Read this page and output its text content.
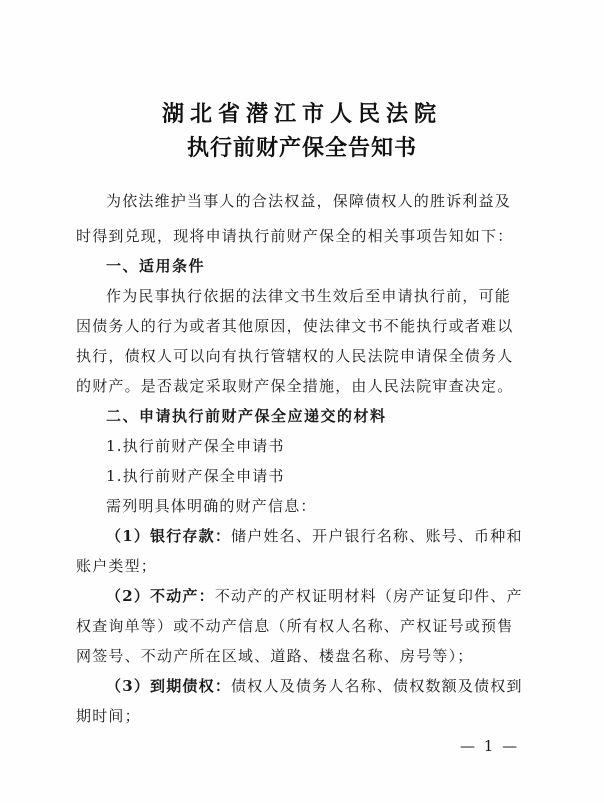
湖北省潜江市人民法院
执行前财产保全告知书
为依法维护当事人的合法权益，保障债权人的胜诉利益及
时得到兑现，现将申请执行前财产保全的相关事项告知如下：
一、适用条件
作为民事执行依据的法律文书生效后至申请执行前，可能
因债务人的行为或者其他原因，使法律文书不能执行或者难以
执行，债权人可以向有执行管辖权的人民法院申请保全债务人
的财产。是否裁定采取财产保全措施，由人民法院审查决定。
二、申请执行前财产保全应递交的材料
1.执行前财产保全申请书
1.执行前财产保全申请书
需列明具体明确的财产信息：
（1）银行存款：储户姓名、开户银行名称、账号、币种和
账户类型；
（2）不动产：不动产的产权证明材料（房产证复印件、产
权查询单等）或不动产信息（所有权人名称、产权证号或预售
网签号、不动产所在区域、道路、楼盘名称、房号等）；
（3）到期债权：债权人及债务人名称、债权数额及债权到
期时间；
— 1 —
